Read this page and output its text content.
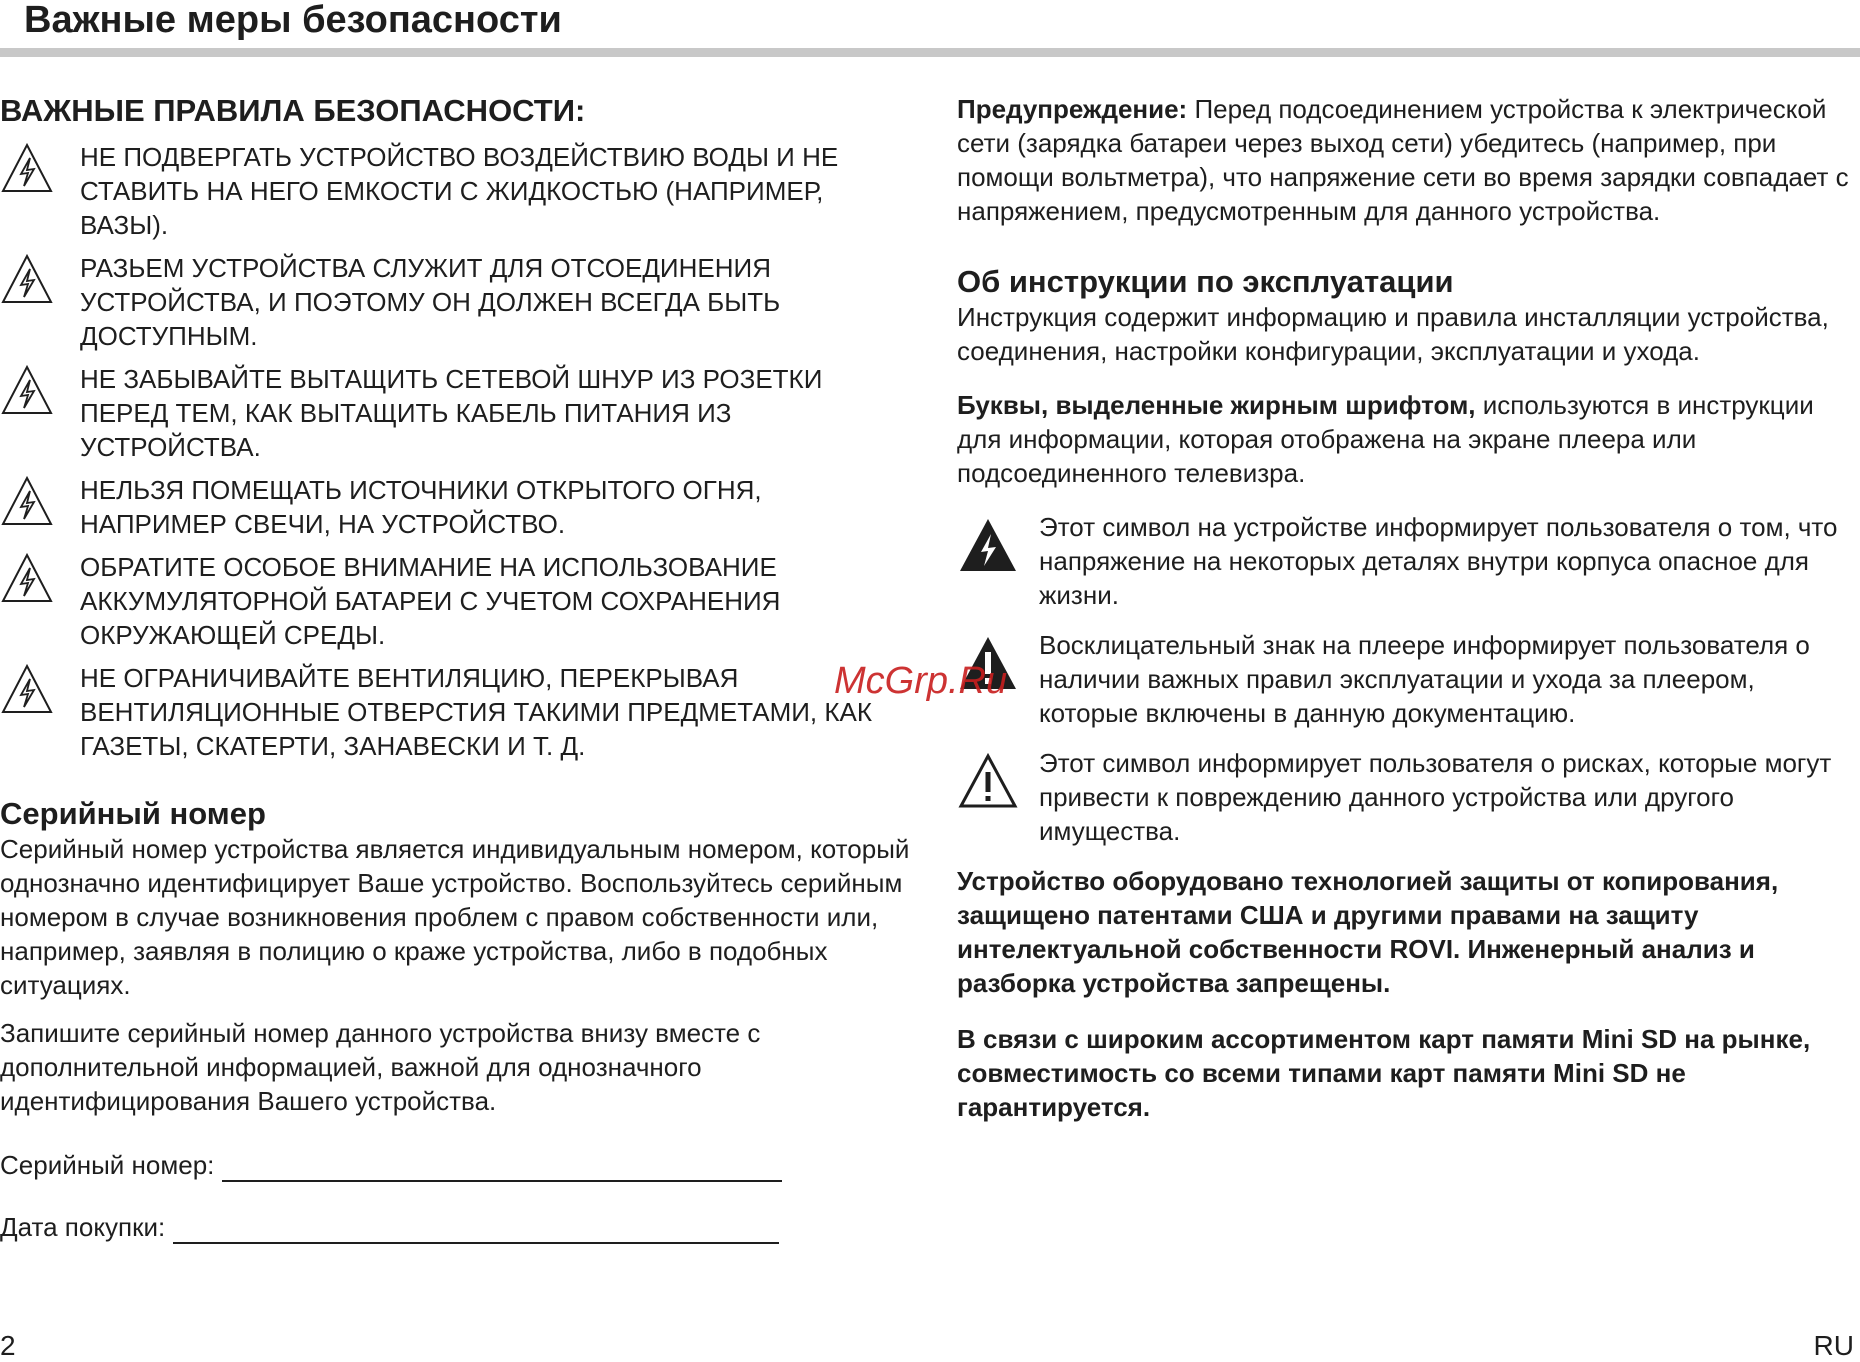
Важные меры безопасности
ВАЖНЫЕ ПРАВИЛА БЕЗОПАСНОСТИ:
НЕ ПОДВЕРГАТЬ УСТРОЙСТВО ВОЗДЕЙСТВИЮ ВОДЫ И НЕ СТАВИТЬ НА НЕГО ЕМКОСТИ С ЖИДКОСТЬЮ (НАПРИМЕР, ВАЗЫ).
РАЗЬЕМ УСТРОЙСТВА СЛУЖИТ ДЛЯ ОТСОЕДИНЕНИЯ УСТРОЙСТВА, И ПОЭТОМУ ОН ДОЛЖЕН ВСЕГДА БЫТЬ ДОСТУПНЫМ.
НЕ ЗАБЫВАЙТЕ ВЫТАЩИТЬ СЕТЕВОЙ ШНУР ИЗ РОЗЕТКИ ПЕРЕД ТЕМ, КАК ВЫТАЩИТЬ КАБЕЛЬ ПИТАНИЯ ИЗ УСТРОЙСТВА.
НЕЛЬЗЯ ПОМЕЩАТЬ ИСТОЧНИКИ ОТКРЫТОГО ОГНЯ, НАПРИМЕР СВЕЧИ, НА УСТРОЙСТВО.
ОБРАТИТЕ ОСОБОЕ ВНИМАНИЕ НА ИСПОЛЬЗОВАНИЕ АККУМУЛЯТОРНОЙ БАТАРЕИ С УЧЕТОМ СОХРАНЕНИЯ ОКРУЖАЮЩЕЙ СРЕДЫ.
НЕ ОГРАНИЧИВАЙТЕ ВЕНТИЛЯЦИЮ, ПЕРЕКРЫВАЯ ВЕНТИЛЯЦИОННЫЕ ОТВЕРСТИЯ ТАКИМИ ПРЕДМЕТАМИ, КАК ГАЗЕТЫ, СКАТЕРТИ, ЗАНАВЕСКИ И Т. Д.
Серийный номер

Серийный номер устройства является индивидуальным номером, который однозначно идентифицирует Ваше устройство. Воспользуйтесь серийным номером в случае возникновения проблем с правом собственности или, например, заявляя в полицию о краже устройства, либо в подобных ситуациях.

Запишите серийный номер данного устройства внизу вместе с дополнительной информацией, важной для однозначного идентифицирования Вашего устройства.

Серийный номер:
Дата покупки:

Предупреждение: Перед подсоединением устройства к электрической сети (зарядка батареи через выход сети) убедитесь (например, при помощи вольтметра), что напряжение сети во время зарядки совпадает с напряжением, предусмотренным для данного устройства.

Об инструкции по эксплуатации

Инструкция содержит информацию и правила инсталляции устройства, соединения, настройки конфигурации, эксплуатации и ухода.

Буквы, выделенные жирным шрифтом, используются в инструкции для информации, которая отображена на экране плеера или подсоединенного телевизра.

Этот символ на устройстве информирует пользователя о том, что напряжение на некоторых деталях внутри корпуса опасное для жизни.
Восклицательный знак на плеере информирует пользователя о наличии важных правил эксплуатации и ухода за плеером, которые включены в данную документацию.
Этот символ информирует пользователя о рисках, которые могут привести к повреждению данного устройства или другого имущества.

Устройство оборудовано технологией защиты от копирования, защищено патентами США и другими правами на защиту интелектуальной собственности ROVI. Инженерный анализ и разборка устройства запрещены.

В связи с широким ассортиментом карт памяти Mini SD на рынке, совместимость со всеми типами карт памяти Mini SD не гарантируется.

McGrp.Ru
2	RU
